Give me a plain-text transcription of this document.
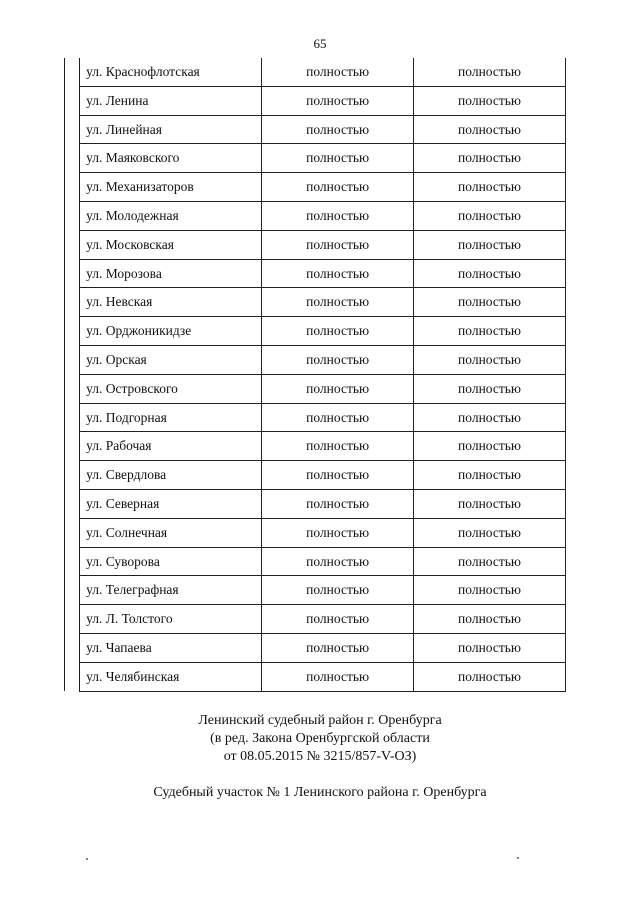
65
	ул. Краснофлотская	полностью	полностью
	ул. Ленина	полностью	полностью
	ул. Линейная	полностью	полностью
	ул. Маяковского	полностью	полностью
	ул. Механизаторов	полностью	полностью
	ул. Молодежная	полностью	полностью
	ул. Московская	полностью	полностью
	ул. Морозова	полностью	полностью
	ул. Невская	полностью	полностью
	ул. Орджоникидзе	полностью	полностью
	ул. Орская	полностью	полностью
	ул. Островского	полностью	полностью
	ул. Подгорная	полностью	полностью
	ул. Рабочая	полностью	полностью
	ул. Свердлова	полностью	полностью
	ул. Северная	полностью	полностью
	ул. Солнечная	полностью	полностью
	ул. Суворова	полностью	полностью
	ул. Телеграфная	полностью	полностью
	ул. Л. Толстого	полностью	полностью
	ул. Чапаева	полностью	полностью
	ул. Челябинская	полностью	полностью
Ленинский судебный район г. Оренбурга
(в ред. Закона Оренбургской области
от 08.05.2015 № 3215/857-V-ОЗ)
Судебный участок № 1 Ленинского района г. Оренбурга
